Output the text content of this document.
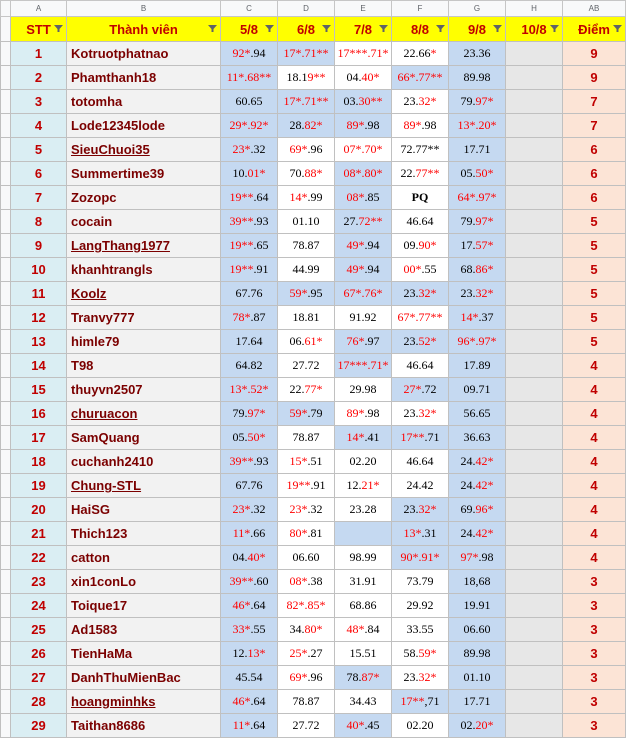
	A	B	C	D	E	F	G	H	AB
	STT	Thành viên	5/8	6/8	7/8	8/8	9/8	10/8	Điểm

	1	Kotruotphatnao	92*.94	17*.71**	17***.71*	22.66*	23.36		9
	2	Phamthanh18	11*.68**	18.19**	04.40*	66*.77**	89.98		9
	3	totomha	60.65	17*.71**	03.30**	23.32*	79.97*		7
	4	Lode12345lode	29*.92*	28.82*	89*.98	89*.98	13*.20*		7
	5	SieuChuoi35	23*.32	69*.96	07*.70*	72.77**	17.71		6
	6	Summertime39	10.01*	70.88*	08*.80*	22.77**	05.50*		6
	7	Zozopc	19**.64	14*.99	08*.85	PQ	64*.97*		6
	8	cocain	39**.93	01.10	27.72**	46.64	79.97*		5
	9	LangThang1977	19**.65	78.87	49*.94	09.90*	17.57*		5
	10	khanhtrangls	19**.91	44.99	49*.94	00*.55	68.86*		5
	11	Koolz	67.76	59*.95	67*.76*	23.32*	23.32*		5
	12	Tranvy777	78*.87	18.81	91.92	67*.77**	14*.37		5
	13	himle79	17.64	06.61*	76*.97	23.52*	96*.97*		5
	14	T98	64.82	27.72	17***.71*	46.64	17.89		4
	15	thuyvn2507	13*.52*	22.77*	29.98	27*.72	09.71		4
	16	churuacon	79.97*	59*.79	89*.98	23.32*	56.65		4
	17	SamQuang	05.50*	78.87	14*.41	17**.71	36.63		4
	18	cuchanh2410	39**.93	15*.51	02.20	46.64	24.42*		4
	19	Chung-STL	67.76	19**.91	12.21*	24.42	24.42*		4
	20	HaiSG	23*.32	23*.32	23.28	23.32*	69.96*		4
	21	Thich123	11*.66	80*.81		13*.31	24.42*		4
	22	catton	04.40*	06.60	98.99	90*.91*	97*.98		4
	23	xin1conLo	39**.60	08*.38	31.91	73.79	18,68		3
	24	Toique17	46*.64	82*.85*	68.86	29.92	19.91		3
	25	Ad1583	33*.55	34.80*	48*.84	33.55	06.60		3
	26	TienHaMa	12.13*	25*.27	15.51	58.59*	89.98		3
	27	DanhThuMienBac	45.54	69*.96	78.87*	23.32*	01.10		3
	28	hoangminhks	46*.64	78.87	34.43	17**,71	17.71		3
	29	Taithan8686	11*.64	27.72	40*.45	02.20	02.20*		3
